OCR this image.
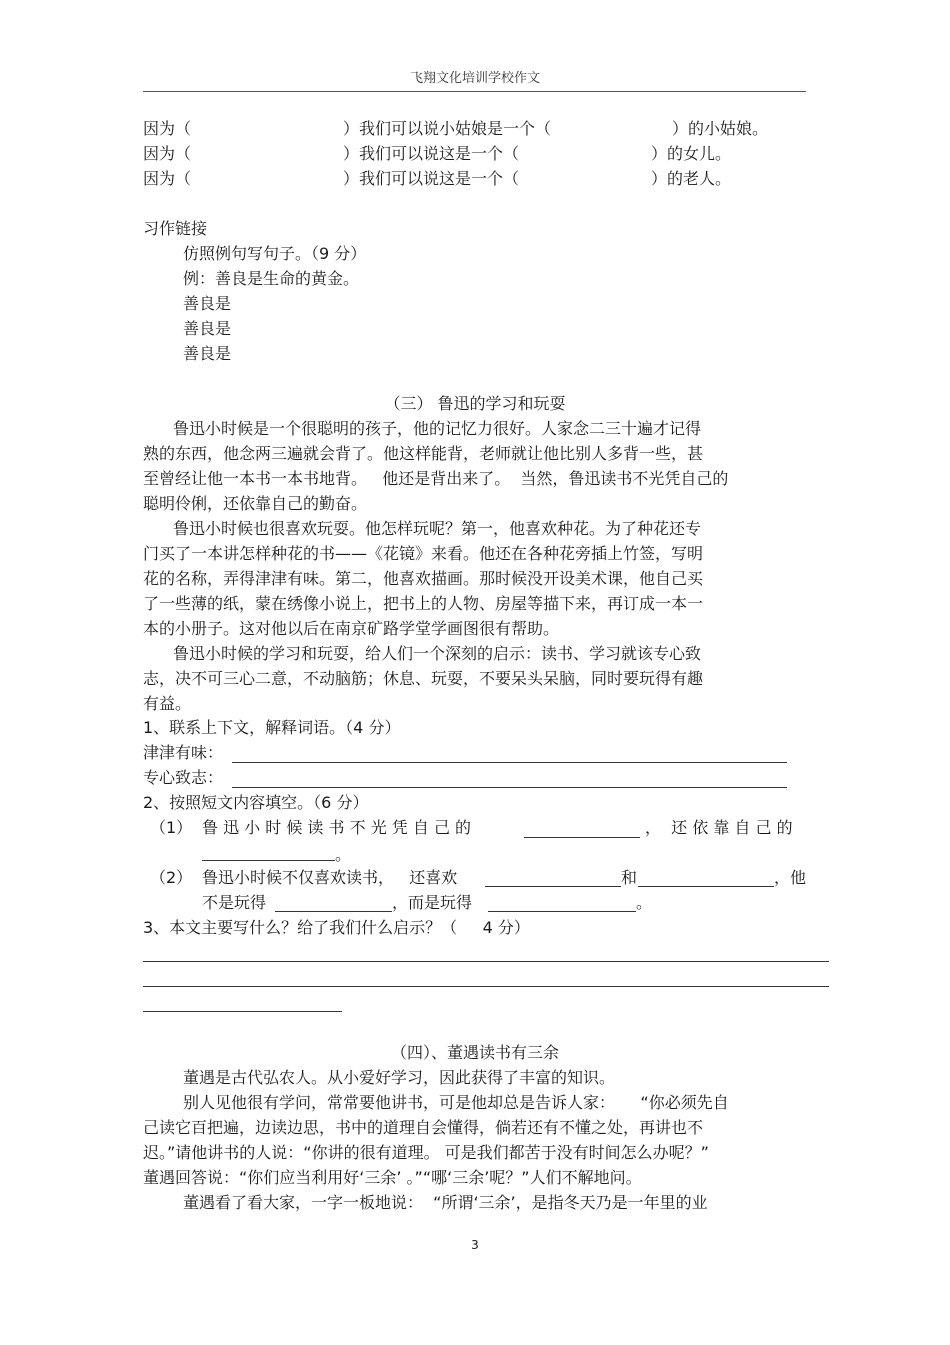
飞翔文化培训学校作文
因为（	）我们可以说小姑娘是一个（	）的小姑娘。
因为（	）我们可以说这是一个（	）的女儿。
因为（	）我们可以说这是一个（	）的老人。
习作链接
仿照例句写句子。（9 分）
例：善良是生命的黄金。
善良是
善良是
善良是
（三） 鲁迅的学习和玩耍
鲁迅小时候是一个很聪明的孩子，他的记忆力很好。人家念二三十遍才记得
熟的东西，他念两三遍就会背了。他这样能背，老师就让他比别人多背一些，甚
至曾经让他一本书一本书地背。   他还是背出来了。  当然，鲁迅读书不光凭自己的
聪明伶俐，还依靠自己的勤奋。
鲁迅小时候也很喜欢玩耍。他怎样玩呢？第一，他喜欢种花。为了种花还专
门买了一本讲怎样种花的书——《花镜》来看。他还在各种花旁插上竹签，写明
花的名称，弄得津津有味。第二，他喜欢描画。那时候没开设美术课，他自己买
了一些薄的纸，蒙在绣像小说上，把书上的人物、房屋等描下来，再订成一本一
本的小册子。这对他以后在南京矿路学堂学画图很有帮助。
鲁迅小时候的学习和玩耍，给人们一个深刻的启示：读书、学习就该专心致
志，决不可三心二意，不动脑筋；休息、玩耍，不要呆头呆脑，同时要玩得有趣
有益。
1、联系上下文，解释词语。（4 分）
津津有味：
专心致志：
2、按照短文内容填空。（6 分）
（1） 鲁 迅 小 时 候 读 书 不 光 凭 自 己 的	，  还 依 靠 自 己 的
。
（2） 鲁迅小时候不仅喜欢读书，   还喜欢	和	，他
不是玩得	，而是玩得	。
3、本文主要写什么？给了我们什么启示？（     4 分）
（四）、董遇读书有三余
董遇是古代弘农人。从小爱好学习，因此获得了丰富的知识。
别人见他很有学问，常常要他讲书，可是他却总是告诉人家：     “你必须先自
己读它百把遍，边读边思，书中的道理自会懂得，倘若还有不懂之处，再讲也不
迟。”请他讲书的人说：“你讲的很有道理。 可是我们都苦于没有时间怎么办呢？”
董遇回答说：“你们应当利用好‘三余’ 。”“哪‘三余’呢？”人们不解地问。
董遇看了看大家，一字一板地说：  “所谓‘三余’，是指冬天乃是一年里的业
3
